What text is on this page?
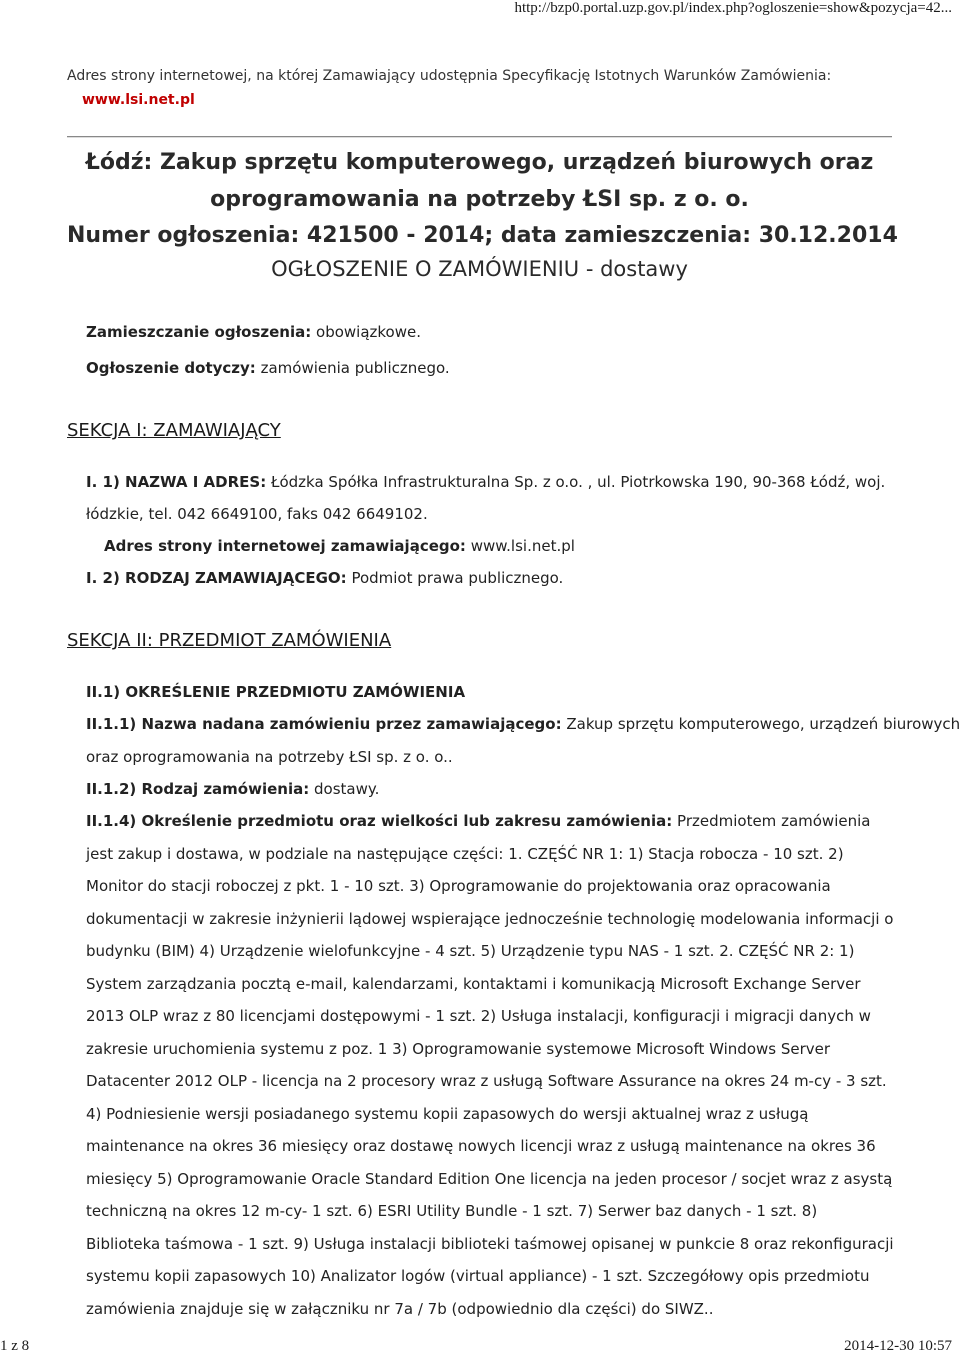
http://bzp0.portal.uzp.gov.pl/index.php?ogloszenie=show&pozycja=42...
Adres strony internetowej, na której Zamawiający udostępnia Specyfikację Istotnych Warunków Zamówienia:
www.lsi.net.pl
Łódź: Zakup sprzętu komputerowego, urządzeń biurowych oraz
oprogramowania na potrzeby ŁSI sp. z o. o.
Numer ogłoszenia: 421500 - 2014; data zamieszczenia: 30.12.2014
OGŁOSZENIE O ZAMÓWIENIU - dostawy
Zamieszczanie ogłoszenia: obowiązkowe.
Ogłoszenie dotyczy: zamówienia publicznego.
SEKCJA I: ZAMAWIAJĄCY
I. 1) NAZWA I ADRES: Łódzka Spółka Infrastrukturalna Sp. z o.o. , ul. Piotrkowska 190, 90-368 Łódź, woj.
łódzkie, tel. 042 6649100, faks 042 6649102.
Adres strony internetowej zamawiającego: www.lsi.net.pl
I. 2) RODZAJ ZAMAWIAJĄCEGO: Podmiot prawa publicznego.
SEKCJA II: PRZEDMIOT ZAMÓWIENIA
II.1) OKREŚLENIE PRZEDMIOTU ZAMÓWIENIA
II.1.1) Nazwa nadana zamówieniu przez zamawiającego: Zakup sprzętu komputerowego, urządzeń biurowych
oraz oprogramowania na potrzeby ŁSI sp. z o. o..
II.1.2) Rodzaj zamówienia: dostawy.
II.1.4) Określenie przedmiotu oraz wielkości lub zakresu zamówienia: Przedmiotem zamówienia jest zakup i dostawa, w podziale na następujące części: 1. CZĘŚĆ NR 1: 1) Stacja robocza - 10 szt. 2) Monitor do stacji roboczej z pkt. 1 - 10 szt. 3) Oprogramowanie do projektowania oraz opracowania dokumentacji w zakresie inżynierii lądowej wspierające jednocześnie technologię modelowania informacji o budynku (BIM) 4) Urządzenie wielofunkcyjne - 4 szt. 5) Urządzenie typu NAS - 1 szt. 2. CZĘŚĆ NR 2: 1) System zarządzania pocztą e-mail, kalendarzami, kontaktami i komunikacją Microsoft Exchange Server 2013 OLP wraz z 80 licencjami dostępowymi - 1 szt. 2) Usługa instalacji, konfiguracji i migracji danych w zakresie uruchomienia systemu z poz. 1 3) Oprogramowanie systemowe Microsoft Windows Server Datacenter 2012 OLP - licencja na 2 procesory wraz z usługą Software Assurance na okres 24 m-cy - 3 szt. 4) Podniesienie wersji posiadanego systemu kopii zapasowych do wersji aktualnej wraz z usługą maintenance na okres 36 miesięcy oraz dostawę nowych licencji wraz z usługą maintenance na okres 36 miesięcy 5) Oprogramowanie Oracle Standard Edition One licencja na jeden procesor / socjet wraz z asystą techniczną na okres 12 m-cy- 1 szt. 6) ESRI Utility Bundle - 1 szt. 7) Serwer baz danych - 1 szt. 8) Biblioteka taśmowa - 1 szt. 9) Usługa instalacji biblioteki taśmowej opisanej w punkcie 8 oraz rekonfiguracji systemu kopii zapasowych 10) Analizator logów (virtual appliance) - 1 szt. Szczegółowy opis przedmiotu zamówienia znajduje się w załączniku nr 7a / 7b (odpowiednio dla części) do SIWZ..
1 z 8	2014-12-30 10:57
